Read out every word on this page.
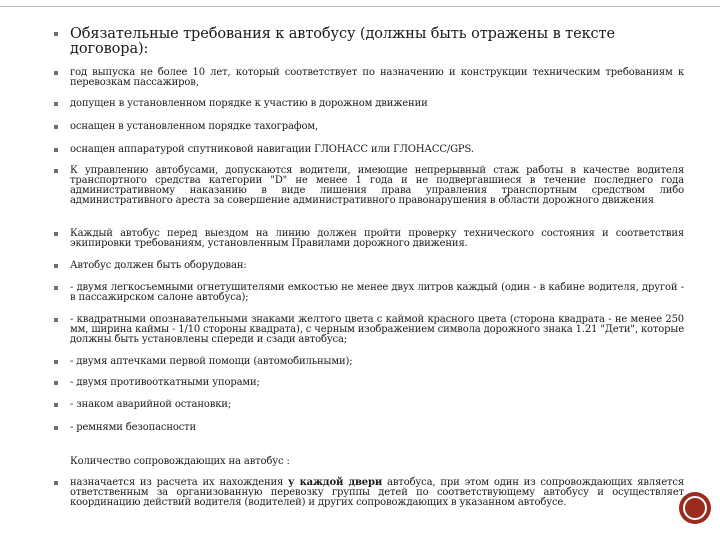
Обязательные требования к автобусу (должны быть отражены в тексте договора):
год выпуска не более 10 лет, который соответствует по назначению и конструкции техническим требованиям к перевозкам пассажиров,
допущен в установленном порядке к участию в дорожном движении
оснащен в установленном порядке тахографом,
оснащен аппаратурой спутниковой навигации ГЛОНАСС или ГЛОНАСС/GPS.
К управлению автобусами, допускаются водители, имеющие непрерывный стаж работы в качестве водителя транспортного средства категории "D" не менее 1 года и не подвергавшиеся в течение последнего года административному наказанию в виде лишения права управления транспортным средством либо административного ареста за совершение административного правонарушения в области дорожного движения
Каждый автобус перед выездом на линию должен пройти проверку технического состояния и соответствия экипировки требованиям, установленным Правилами дорожного движения.
Автобус должен быть оборудован:
- двумя легкосъемными огнетушителями емкостью не менее двух литров каждый (один - в кабине водителя, другой - в пассажирском салоне автобуса);
- квадратными опознавательными знаками желтого цвета с каймой красного цвета (сторона квадрата - не менее 250 мм, ширина каймы - 1/10 стороны квадрата), с черным изображением символа дорожного знака 1.21 "Дети", которые должны быть установлены спереди и сзади автобуса;
- двумя аптечками первой помощи (автомобильными);
- двумя противооткатными упорами;
- знаком аварийной остановки;
- ремнями безопасности
Количество сопровождающих на автобус :
назначается из расчета их нахождения у каждой двери автобуса, при этом один из сопровождающих является ответственным за организованную перевозку группы детей по соответствующему автобусу и осуществляет координацию действий водителя (водителей) и других сопровождающих в указанном автобусе.
